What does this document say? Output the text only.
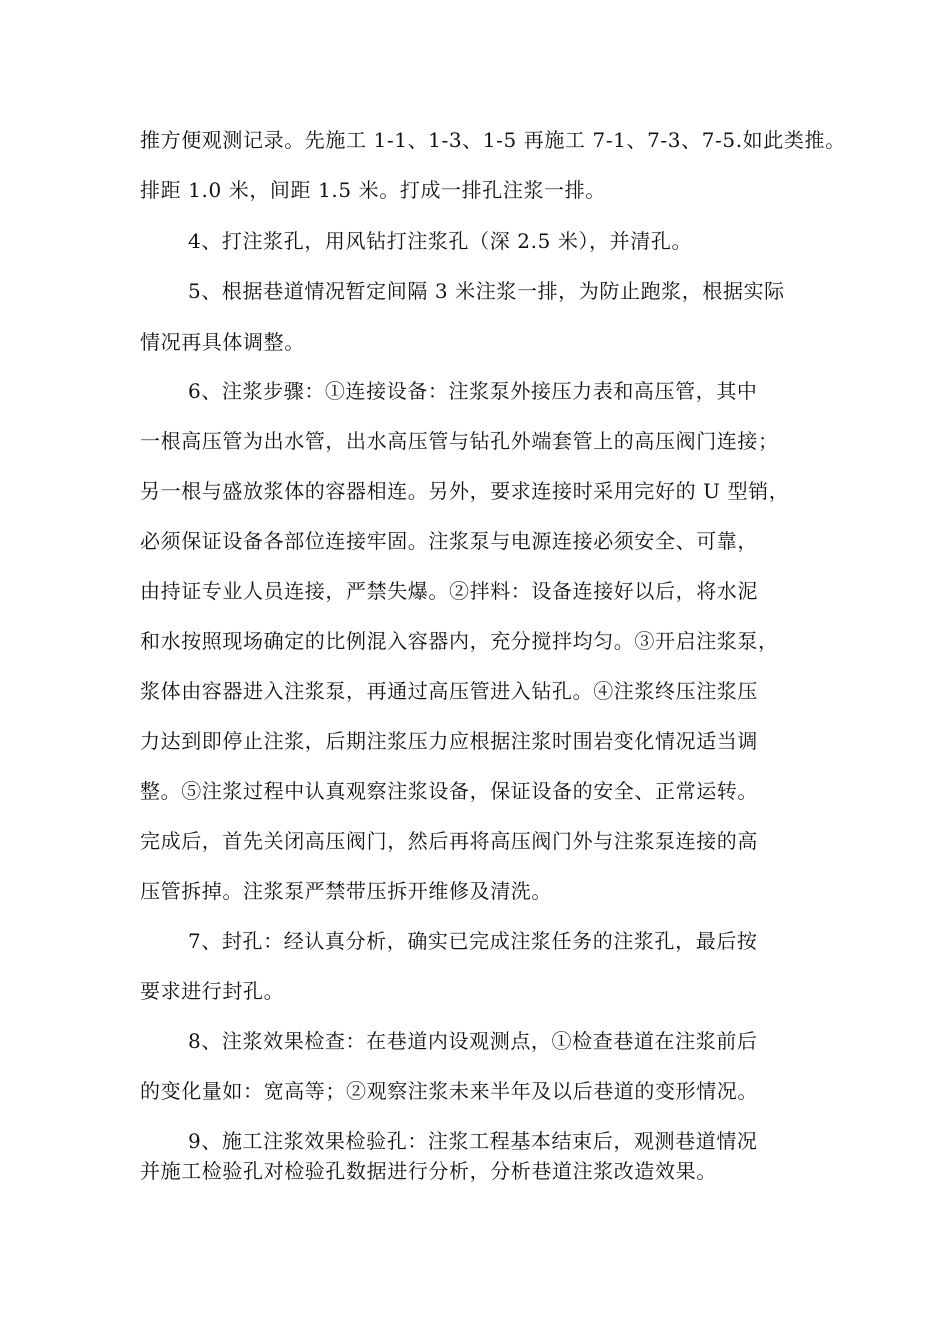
推方便观测记录。先施工 1-1、1-3、1-5 再施工 7-1、7-3、7-5.如此类推。
排距 1.0 米，间距 1.5 米。打成一排孔注浆一排。
4、打注浆孔，用风钻打注浆孔（深 2.5 米），并清孔。
5、根据巷道情况暂定间隔 3 米注浆一排，为防止跑浆，根据实际
情况再具体调整。
6、注浆步骤：①连接设备：注浆泵外接压力表和高压管，其中
一根高压管为出水管，出水高压管与钻孔外端套管上的高压阀门连接；
另一根与盛放浆体的容器相连。另外，要求连接时采用完好的 U 型销，
必须保证设备各部位连接牢固。注浆泵与电源连接必须安全、可靠，
由持证专业人员连接，严禁失爆。②拌料：设备连接好以后，将水泥
和水按照现场确定的比例混入容器内，充分搅拌均匀。③开启注浆泵，
浆体由容器进入注浆泵，再通过高压管进入钻孔。④注浆终压注浆压
力达到即停止注浆，后期注浆压力应根据注浆时围岩变化情况适当调
整。⑤注浆过程中认真观察注浆设备，保证设备的安全、正常运转。
完成后，首先关闭高压阀门，然后再将高压阀门外与注浆泵连接的高
压管拆掉。注浆泵严禁带压拆开维修及清洗。
7、封孔：经认真分析，确实已完成注浆任务的注浆孔，最后按
要求进行封孔。
8、注浆效果检查：在巷道内设观测点，①检查巷道在注浆前后
的变化量如：宽高等；②观察注浆未来半年及以后巷道的变形情况。
9、施工注浆效果检验孔：注浆工程基本结束后，观测巷道情况
并施工检验孔对检验孔数据进行分析，分析巷道注浆改造效果。
